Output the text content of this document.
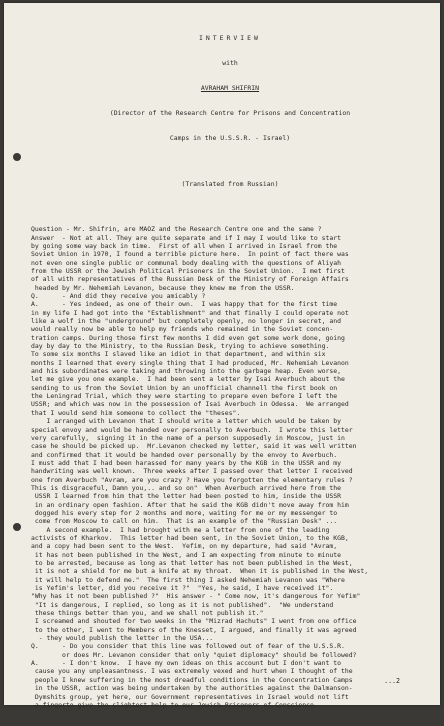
INTERVIEW

with

AVRAHAM SHIFRIN

(Director of the Research Centre for Prisons and Concentration

Camps in the U.S.S.R. - Israel)

(Translated from Russian)

Question - Mr. Shifrin, are MAOZ and the Research Centre one and the same ?
Answer  - Not at all. They are quite separate and if I may I would like to start
by going some way back in time.  First of all when I arrived in Israel from the
Soviet Union in 1970, I found a terrible picture here.  In point of fact there was
not even one single public or communal body dealing with the questions of Aliyah
from the USSR or the Jewish Political Prisoners in the Soviet Union.  I met first
of all with representatives of the Russian Desk of the Ministry of Foreign Affairs
headed by Mr. Nehemiah Levanon, because they knew me from the USSR.
Q.      - And did they receive you amicably ?
A.      - Yes indeed, as one of their own.  I was happy that for the first time
in my life I had got into the "Establishment" and that finally I could operate not
like a wolf in the "underground" but completely openly, no longer in secret, and
would really now be able to help my friends who remained in the Soviet concen-
tration camps. During those first few months I did even get some work done, going
day by day to the Ministry, to the Russian Desk, trying to achieve something.
To some six months I slaved like an idiot in that department, and within six
months I learned that every single thing that I had produced, Mr. Nehemiah Levanon
and his subordinates were taking and throwing into the garbage heap. Even worse,
let me give you one example.  I had been sent a letter by Isai Averbuch about the
sending to us from the Soviet Union by an unofficial channell the first book on
the Leningrad Trial, which they were starting to prepare even before I left the
USSR; and which was now in the possession of Isai Averbuch in Odessa.  We arranged
that I would send him someone to collect the "theses".
I arranged with Levanon that I should write a letter which would be taken by
special envoy and would be handed over personally to Averbuch.  I wrote this letter
very carefully,  signing it in the name of a person supposedly in Moscow, just in
case he should be picked up.  Mr.Levanon checked my letter, said it was well written
and confirmed that it would be handed over personally by the envoy to Averbuch.
I must add that I had been harassed for many years by the KGB in the USSR and my
handwriting was well known.  Three weeks after I passed over that letter I received
one from Averbuch "Avram, are you crazy ? Have you forgotten the elementary rules ?
This is disgraceful, Damn you,.. and so on"  When Averbuch arrived here from the
USSR I learned from him that the letter had been posted to him, inside the USSR
in an ordinary open fashion. After that he said the KGB didn't move away from him
dogged his every step for 2 months and more, waiting for me or my messenger to
come from Moscow to call on him.  That is an example of the "Russian Desk" ...
A second example.  I had brought with me a letter from one of the leading
activists of Kharkov.  This letter had been sent, in the Soviet Union, to the KGB,
and a copy had been sent to the West.  Yefim, on my departure, had said "Avram,
it has not been published in the West, and I am expecting from minute to minute
to be arrested, because as long as that letter has not been published in the West,
it is not a shield for me but a knife at my throat.  When it is published in the West,
it will help to defend me."  The first thing I asked Nehemiah Levanon was "Where
is Yefim's letter, did you receive it ?"  "Yes, he said, I have received it".
"Why has it not been published ?"  His answer - " Come now, it's dangerous for Yefim"
"It is dangerous, I replied, so long as it is not published".  "We understand
these things better than you, and we shall not publish it."
I screamed and shouted for two weeks in the "Mizrad Hachuts" I went from one office
to the other, I went to Members of the Knesset, I argued, and finally it was agreed
- they would publish the letter in the USA...
Q.      - Do you consider that this line was followed out of fear of the U.S.S.R.
or does Mr. Levanon consider that only "quiet diplomacy" should be followed?
A.      - I don't know.  I have my own ideas on this account but I don't want to
cause you any unpleasantness. I was extremely vexed and hurt when I thought of the
people I knew suffering in the most dreadful conditions in the Concentration Camps
in the USSR, action was being undertaken by the authorities against the Dalmanson-
Dymshits group, yet here, our Government representatives in Israel would not lift
a fingerto give the slightest help to our Jewish Prisoners of Conscience.

...2
